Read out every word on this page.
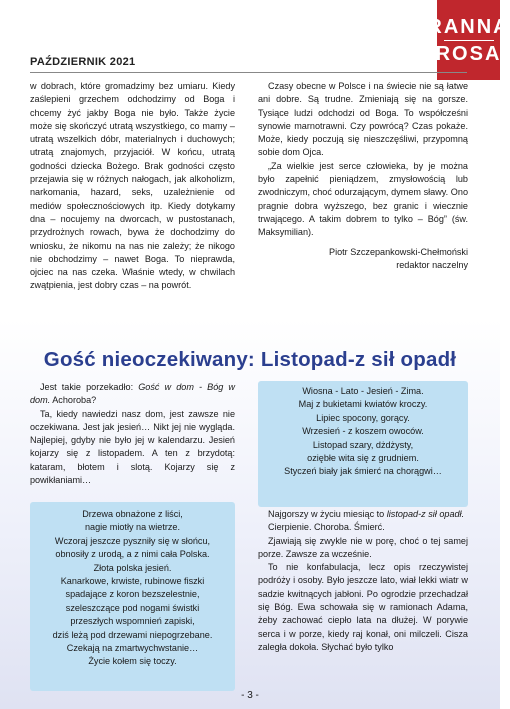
RANNA
ROSA
PAŹDZIERNIK 2021

w dobrach, które gromadzimy bez umiaru. Kiedy zaślepieni grzechem odchodzimy od Boga i chcemy żyć jakby Boga nie było. Także życie może się skończyć utratą wszystkiego, co mamy – utratą wszelkich dóbr, materialnych i duchowych; utratą znajomych, przyjaciół. W końcu, utratą godności dziecka Bożego. Brak godności często przejawia się w różnych nałogach, jak alkoholizm, narkomania, hazard, seks, uzależnienie od mediów społecznościowych itp. Kiedy dotykamy dna – nocujemy na dworcach, w pustostanach, przydrożnych rowach, bywa że dochodzimy do wniosku, że nikomu na nas nie zależy; że nikogo nie obchodzimy – nawet Boga. To nieprawda, ojciec na nas czeka. Właśnie wtedy, w chwilach zwątpienia, jest dobry czas – na powrót.

Czasy obecne w Polsce i na świecie nie są łatwe ani dobre. Są trudne. Zmieniają się na gorsze. Tysiące ludzi odchodzi od Boga. To współcześni synowie marnotrawni. Czy powrócą? Czas pokaże. Może, kiedy poczują się nieszczęśliwi, przypomną sobie dom Ojca.

„Za wielkie jest serce człowieka, by je można było zapełnić pieniądzem, zmysłowością lub zwodniczym, choć odurzającym, dymem sławy. Ono pragnie dobra wyższego, bez granic i wiecznie trwającego. A takim dobrem to tylko – Bóg” (św. Maksymilian).

Piotr Szczepankowski-Chełmoński

redaktor naczelny

Gość nieoczekiwany: Listopad-z sił opadł

Jest takie porzekadło: Gość w dom - Bóg w dom. Achoroba?

Ta, kiedy nawiedzi nasz dom, jest zawsze nie oczekiwana. Jest jak jesień… Nikt jej nie wygląda. Najlepiej, gdyby nie było jej w kalendarzu. Jesień kojarzy się z listopadem. A ten z brzydotą: kataram, błotem i slotą. Kojarzy się z powikłaniami…

Wiosna - Lato - Jesień - Zima.

Maj z bukietami kwiatów kroczy.

Lipiec spocony, gorący.

Wrzesień - z koszem owoców.

Listopad szary, dżdżysty,

oziębłe wita się z grudniem.

Styczeń biały jak śmierć na chorągwi…

Drzewa obnażone z liści,

nagie miotły na wietrze.

Wczoraj jeszcze pyszniły się w słońcu,

obnosiły z urodą, a z nimi cała Polska.

Złota polska jesień.

Kanarkowe, krwiste, rubinowe fiszki

spadające z koron bezszelestnie,

szeleszczące pod nogami świstki

przeszłych wspomnień zapiski,

dziś leżą pod drzewami niepogrzebane.

Czekają na zmartwychwstanie…

Życie kołem się toczy.

Najgorszy w życiu miesiąc to listopad-z sił opadł.

Cierpienie. Choroba. Śmierć.

Zjawiają się zwykle nie w porę, choć o tej samej porze. Zawsze za wcześnie.

To nie konfabulacja, lecz opis rzeczywistej podróży i osoby. Było jeszcze lato, wiał lekki wiatr w sadzie kwitnących jabłoni. Po ogrodzie przechadzał się Bóg. Ewa schowała się w ramionach Adama, żeby zachować ciepło lata na dłużej. W porywie serca i w porze, kiedy raj konał, oni milczeli. Cisza zaległa dokoła. Słychać było tylko

- 3 -
